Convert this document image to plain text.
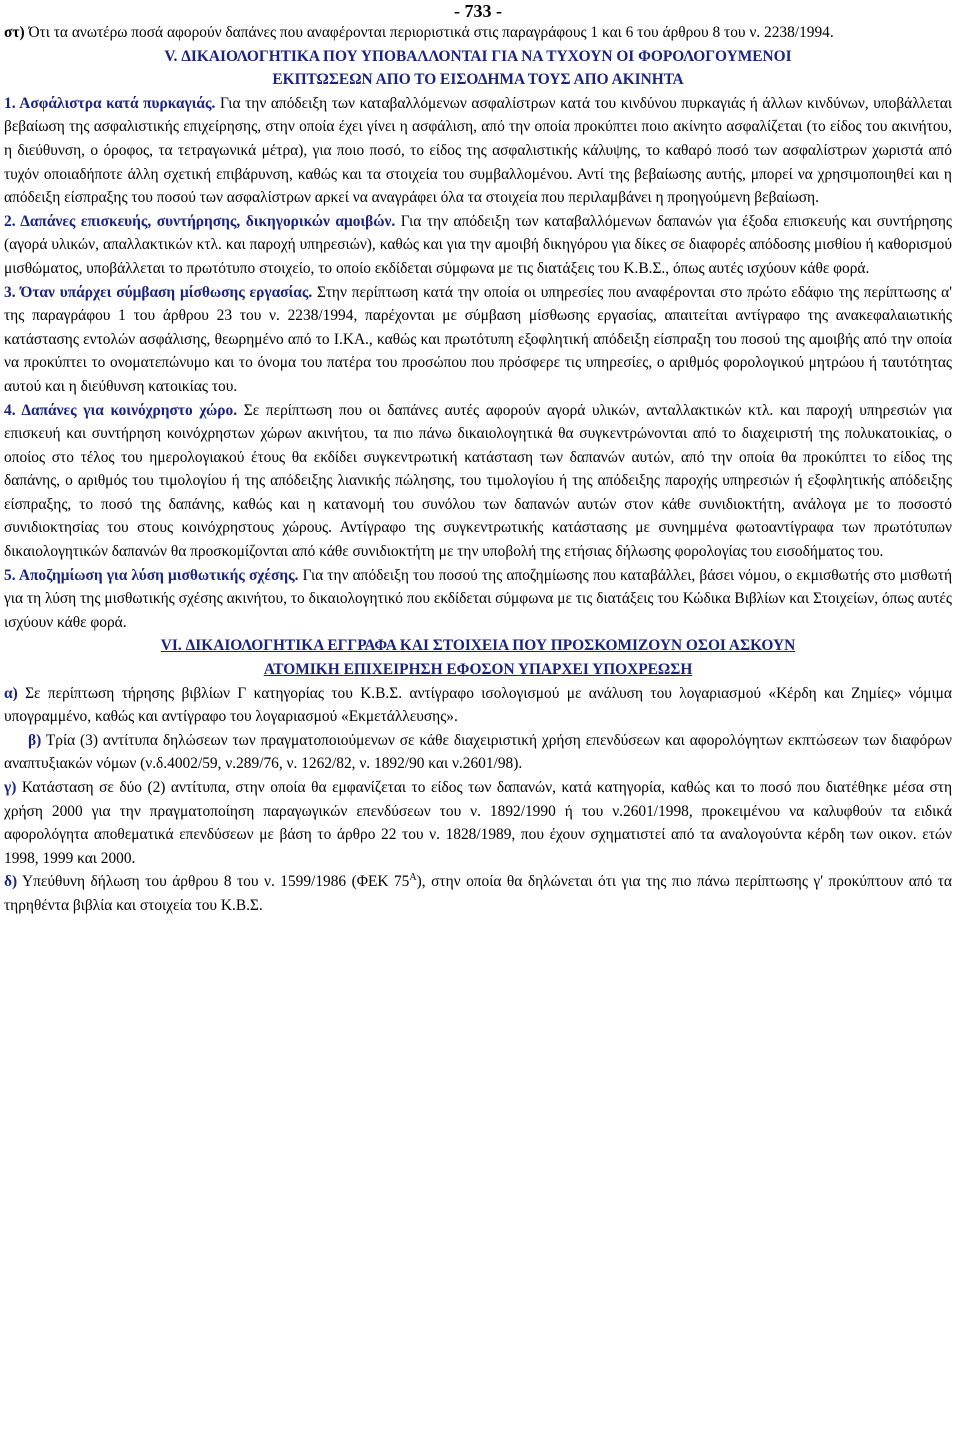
- 733 -

στ) Ότι τα ανωτέρω ποσά αφορούν δαπάνες που αναφέρονται περιοριστικά στις παραγράφους 1 και 6 του άρθρου 8 του ν. 2238/1994.

V. ΔΙΚΑΙΟΛΟΓΗΤΙΚΑ ΠΟΥ ΥΠΟΒΑΛΛΟΝΤΑΙ ΓΙΑ ΝΑ ΤΥΧΟΥΝ ΟΙ ΦΟΡΟΛΟΓΟΥΜΕΝΟΙ

ΕΚΠΤΩΣΕΩΝ ΑΠΟ ΤΟ ΕΙΣΟΔΗΜΑ ΤΟΥΣ ΑΠΟ ΑΚΙΝΗΤΑ

1. Ασφάλιστρα κατά πυρκαγιάς. Για την απόδειξη των καταβαλλόμενων ασφαλίστρων κατά του κινδύνου πυρκαγιάς ή άλλων κινδύνων, υποβάλλεται βεβαίωση της ασφαλιστικής επιχείρησης, στην οποία έχει γίνει η ασφάλιση, από την οποία προκύπτει ποιο ακίνητο ασφαλίζεται (το είδος του ακινήτου, η διεύθυνση, ο όροφος, τα τετραγωνικά μέτρα), για ποιο ποσό, το είδος της ασφαλιστικής κάλυψης, το καθαρό ποσό των ασφαλίστρων χωριστά από τυχόν οποιαδήποτε άλλη σχετική επιβάρυνση, καθώς και τα στοιχεία του συμβαλλομένου. Αντί της βεβαίωσης αυτής, μπορεί να χρησιμοποιηθεί και η απόδειξη είσπραξης του ποσού των ασφαλίστρων αρκεί να αναγράφει όλα τα στοιχεία που περιλαμβάνει η προηγούμενη βεβαίωση.

2. Δαπάνες επισκευής, συντήρησης, δικηγορικών αμοιβών. Για την απόδειξη των καταβαλλόμενων δαπανών για έξοδα επισκευής και συντήρησης (αγορά υλικών, απαλλακτικών κτλ. και παροχή υπηρεσιών), καθώς και για την αμοιβή δικηγόρου για δίκες σε διαφορές απόδοσης μισθίου ή καθορισμού μισθώματος, υποβάλλεται το πρωτότυπο στοιχείο, το οποίο εκδίδεται σύμφωνα με τις διατάξεις του Κ.Β.Σ., όπως αυτές ισχύουν κάθε φορά.

3. Όταν υπάρχει σύμβαση μίσθωσης εργασίας. Στην περίπτωση κατά την οποία οι υπηρεσίες που αναφέρονται στο πρώτο εδάφιο της περίπτωσης α' της παραγράφου 1 του άρθρου 23 του ν. 2238/1994, παρέχονται με σύμβαση μίσθωσης εργασίας, απαιτείται αντίγραφο της ανακεφαλαιωτικής κατάστασης εντολών ασφάλισης, θεωρημένο από το Ι.ΚΑ., καθώς και πρωτότυπη εξοφλητική απόδειξη είσπραξη του ποσού της αμοιβής από την οποία να προκύπτει το ονοματεπώνυμο και το όνομα του πατέρα του προσώπου που πρόσφερε τις υπηρεσίες, ο αριθμός φορολογικού μητρώου ή ταυτότητας αυτού και η διεύθυνση κατοικίας του.

4. Δαπάνες για κοινόχρηστο χώρο. Σε περίπτωση που οι δαπάνες αυτές αφορούν αγορά υλικών, ανταλλακτικών κτλ. και παροχή υπηρεσιών για επισκευή και συντήρηση κοινόχρηστων χώρων ακινήτου, τα πιο πάνω δικαιολογητικά θα συγκεντρώνονται από το διαχειριστή της πολυκατοικίας, ο οποίος στο τέλος του ημερολογιακού έτους θα εκδίδει συγκεντρωτική κατάσταση των δαπανών αυτών, από την οποία θα προκύπτει το είδος της δαπάνης, ο αριθμός του τιμολογίου ή της απόδειξης λιανικής πώλησης, του τιμολογίου ή της απόδειξης παροχής υπηρεσιών ή εξοφλητικής απόδειξης είσπραξης, το ποσό της δαπάνης, καθώς και η κατανομή του συνόλου των δαπανών αυτών στον κάθε συνιδιοκτήτη, ανάλογα με το ποσοστό συνιδιοκτησίας του στους κοινόχρηστους χώρους. Αντίγραφο της συγκεντρωτικής κατάστασης με συνημμένα φωτοαντίγραφα των πρωτότυπων δικαιολογητικών δαπανών θα προσκομίζονται από κάθε συνιδιοκτήτη με την υποβολή της ετήσιας δήλωσης φορολογίας του εισοδήματος του.

5. Αποζημίωση για λύση μισθωτικής σχέσης. Για την απόδειξη του ποσού της αποζημίωσης που καταβάλλει, βάσει νόμου, ο εκμισθωτής στο μισθωτή για τη λύση της μισθωτικής σχέσης ακινήτου, το δικαιολογητικό που εκδίδεται σύμφωνα με τις διατάξεις του Κώδικα Βιβλίων και Στοιχείων, όπως αυτές ισχύουν κάθε φορά.

VI. ΔΙΚΑΙΟΛΟΓΗΤΙΚΑ ΕΓΓΡΑΦΑ ΚΑΙ ΣΤΟΙΧΕΙΑ ΠΟΥ ΠΡΟΣΚΟΜΙΖΟΥΝ ΟΣΟΙ ΑΣΚΟΥΝ

ΑΤΟΜΙΚΗ ΕΠΙΧΕΙΡΗΣΗ ΕΦΟΣΟΝ ΥΠΑΡΧΕΙ ΥΠΟΧΡΕΩΣΗ

α) Σε περίπτωση τήρησης βιβλίων Γ κατηγορίας του Κ.Β.Σ. αντίγραφο ισολογισμού με ανάλυση του λογαριασμού «Κέρδη και Ζημίες» νόμιμα υπογραμμένο, καθώς και αντίγραφο του λογαριασμού «Εκμετάλλευσης».

β) Τρία (3) αντίτυπα δηλώσεων των πραγματοποιούμενων σε κάθε διαχειριστική χρήση επενδύσεων και αφορολόγητων εκπτώσεων των διαφόρων αναπτυξιακών νόμων (ν.δ.4002/59, ν.289/76, ν. 1262/82, ν. 1892/90 και ν.2601/98).

γ) Κατάσταση σε δύο (2) αντίτυπα, στην οποία θα εμφανίζεται το είδος των δαπανών, κατά κατηγορία, καθώς και το ποσό που διατέθηκε μέσα στη χρήση 2000 για την πραγματοποίηση παραγωγικών επενδύσεων του ν. 1892/1990 ή του ν.2601/1998, προκειμένου να καλυφθούν τα ειδικά αφορολόγητα αποθεματικά επενδύσεων με βάση το άρθρο 22 του ν. 1828/1989, που έχουν σχηματιστεί από τα αναλογούντα κέρδη των οικον. ετών 1998, 1999 και 2000.

δ) Υπεύθυνη δήλωση του άρθρου 8 του ν. 1599/1986 (ΦΕΚ $75^A$), στην οποία θα δηλώνεται ότι για της πιο πάνω περίπτωσης γ' προκύπτουν από τα τηρηθέντα βιβλία και στοιχεία του Κ.Β.Σ.
